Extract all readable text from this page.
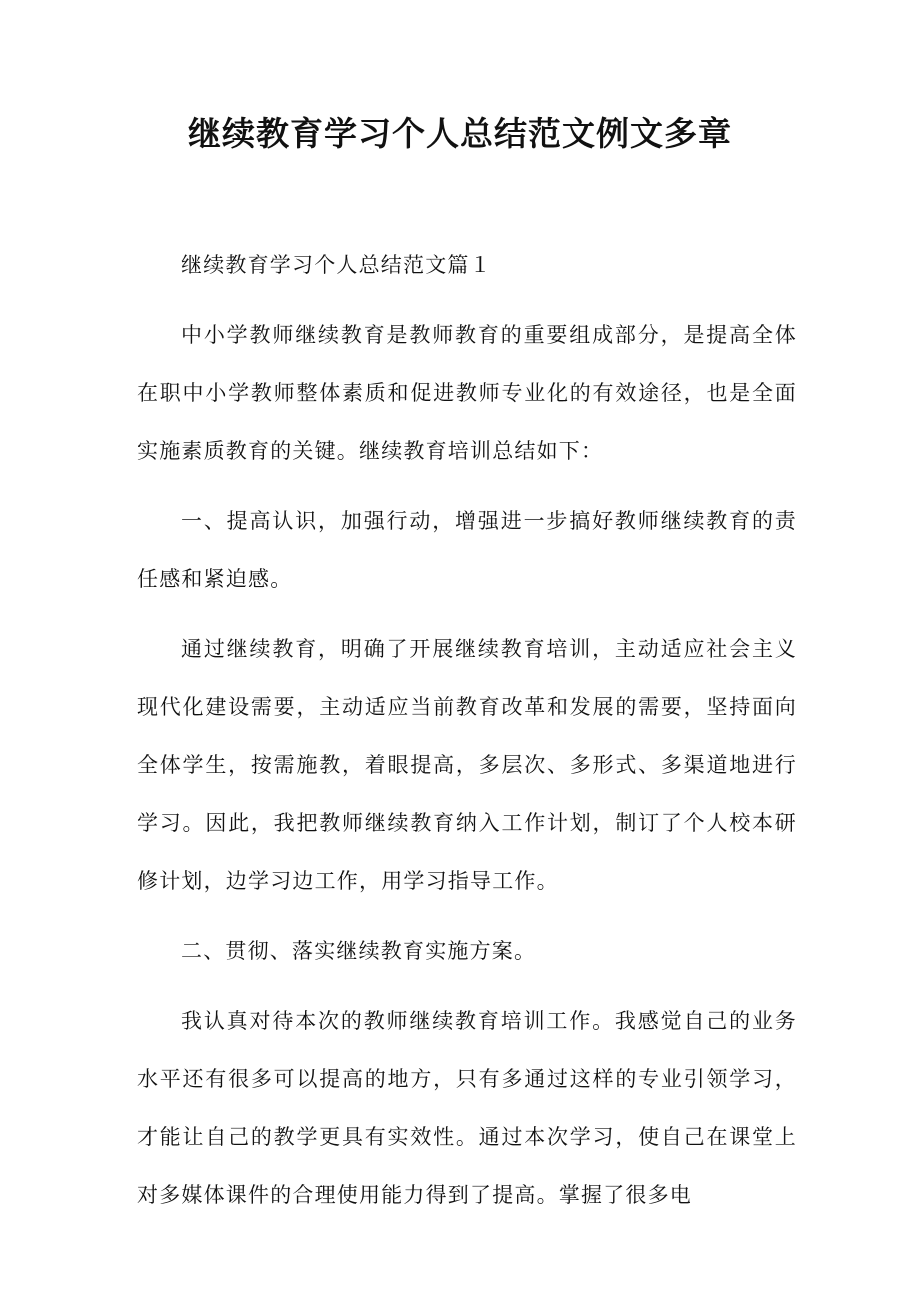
继续教育学习个人总结范文例文多章

继续教育学习个人总结范文篇１

中小学教师继续教育是教师教育的重要组成部分，是提高全体在职中小学教师整体素质和促进教师专业化的有效途径，也是全面实施素质教育的关键。继续教育培训总结如下：

一、提高认识，加强行动，增强进一步搞好教师继续教育的责任感和紧迫感。

通过继续教育，明确了开展继续教育培训，主动适应社会主义现代化建设需要，主动适应当前教育改革和发展的需要，坚持面向全体学生，按需施教，着眼提高，多层次、多形式、多渠道地进行学习。因此，我把教师继续教育纳入工作计划，制订了个人校本研修计划，边学习边工作，用学习指导工作。

二、贯彻、落实继续教育实施方案。

我认真对待本次的教师继续教育培训工作。我感觉自己的业务水平还有很多可以提高的地方，只有多通过这样的专业引领学习，才能让自己的教学更具有实效性。通过本次学习，使自己在课堂上对多媒体课件的合理使用能力得到了提高。掌握了很多电
